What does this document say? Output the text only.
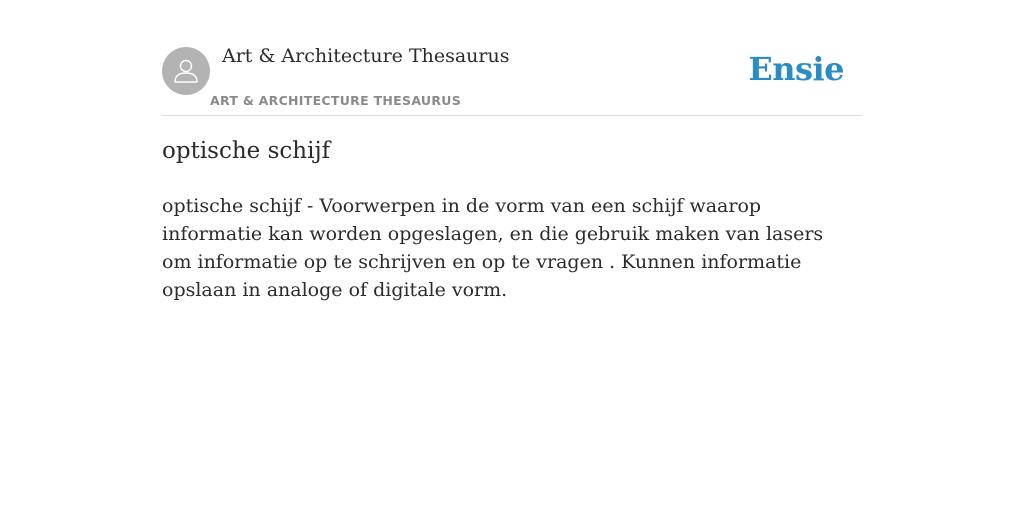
Art & Architecture Thesaurus
ART & ARCHITECTURE THESAURUS
Ensie
optische schijf

optische schijf - Voorwerpen in de vorm van een schijf waarop informatie kan worden opgeslagen, en die gebruik maken van lasers om informatie op te schrijven en op te vragen . Kunnen informatie opslaan in analoge of digitale vorm.
